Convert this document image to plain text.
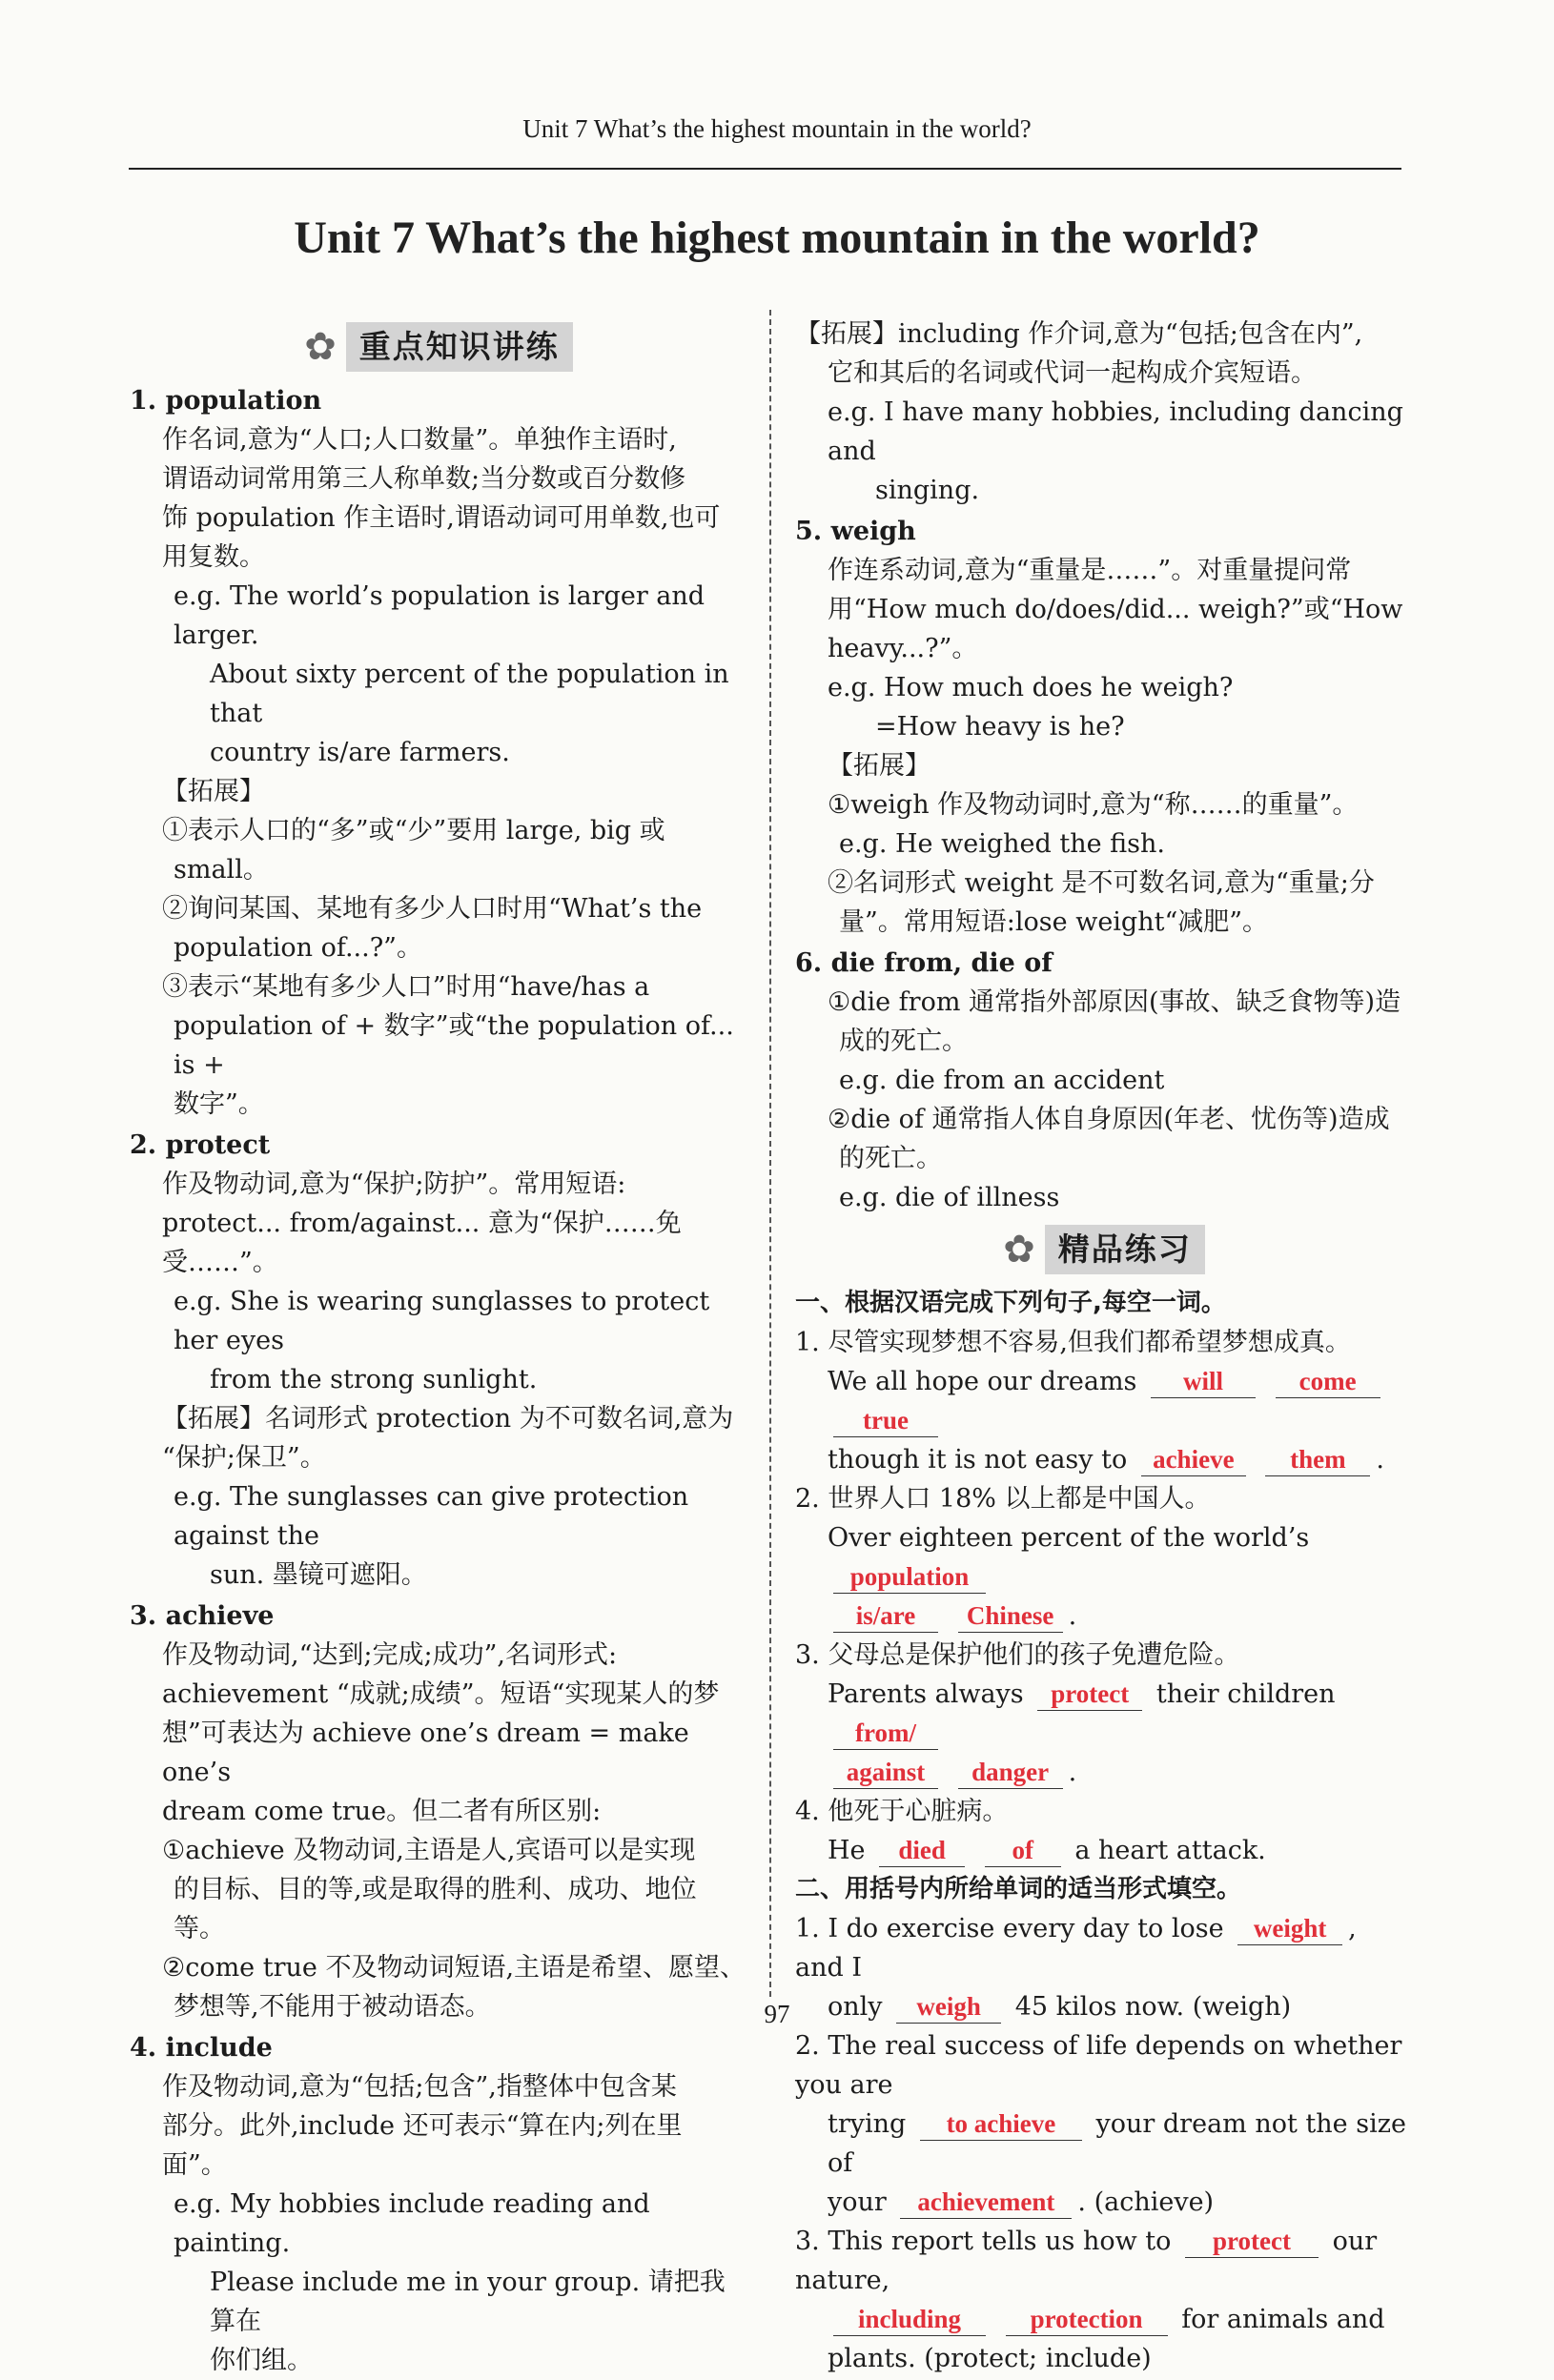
Unit 7 What’s the highest mountain in the world?
Unit 7 What’s the highest mountain in the world?
✿ 重点知识讲练
1. population
作名词,意为“人口;人口数量”。单独作主语时,
谓语动词常用第三人称单数;当分数或百分数修
饰 population 作主语时,谓语动词可用单数,也可
用复数。
e.g. The world’s population is larger and larger.
About sixty percent of the population in that
country is/are farmers.
【拓展】
①表示人口的“多”或“少”要用 large, big 或
small。
②询问某国、某地有多少人口时用“What’s the
population of...?”。
③表示“某地有多少人口”时用“have/has a
population of + 数字”或“the population of... is +
数字”。
2. protect
作及物动词,意为“保护;防护”。常用短语:
protect... from/against... 意为“保护……免受……”。
e.g. She is wearing sunglasses to protect her eyes
from the strong sunlight.
【拓展】名词形式 protection 为不可数名词,意为
“保护;保卫”。
e.g. The sunglasses can give protection against the
sun. 墨镜可遮阳。
3. achieve
作及物动词,“达到;完成;成功”,名词形式:
achievement “成就;成绩”。短语“实现某人的梦
想”可表达为 achieve one’s dream = make one’s
dream come true。但二者有所区别:
①achieve 及物动词,主语是人,宾语可以是实现
的目标、目的等,或是取得的胜利、成功、地位
等。
②come true 不及物动词短语,主语是希望、愿望、
梦想等,不能用于被动语态。
4. include
作及物动词,意为“包括;包含”,指整体中包含某
部分。此外,include 还可表示“算在内;列在里
面”。
e.g. My hobbies include reading and painting.
Please include me in your group. 请把我算在
你们组。
【拓展】including 作介词,意为“包括;包含在内”,
它和其后的名词或代词一起构成介宾短语。
e.g. I have many hobbies, including dancing and
singing.
5. weigh
作连系动词,意为“重量是……”。对重量提问常
用“How much do/does/did... weigh?”或“How
heavy...?”。
e.g. How much does he weigh?
=How heavy is he?
【拓展】
①weigh 作及物动词时,意为“称……的重量”。
e.g. He weighed the fish.
②名词形式 weight 是不可数名词,意为“重量;分
量”。常用短语:lose weight“减肥”。
6. die from, die of
①die from 通常指外部原因(事故、缺乏食物等)造
成的死亡。
e.g. die from an accident
②die of 通常指人体自身原因(年老、忧伤等)造成
的死亡。
e.g. die of illness
✿ 精品练习
一、根据汉语完成下列句子,每空一词。
1. 尽管实现梦想不容易,但我们都希望梦想成真。
We all hope our dreams will	come true
though it is not easy to achieve them .
2. 世界人口 18% 以上都是中国人。
Over eighteen percent of the world’s population
is/are Chinese .
3. 父母总是保护他们的孩子免遭危险。
Parents always protect their children from/
against danger .
4. 他死于心脏病。
He died	of a heart attack.
二、用括号内所给单词的适当形式填空。
1. I do exercise every day to lose weight , and I
only weigh 45 kilos now. (weigh)
2. The real success of life depends on whether you are
trying to achieve your dream not the size of
your achievement . (achieve)
3. This report tells us how to protect our nature,
including	protection for animals and
plants. (protect; include)
97
